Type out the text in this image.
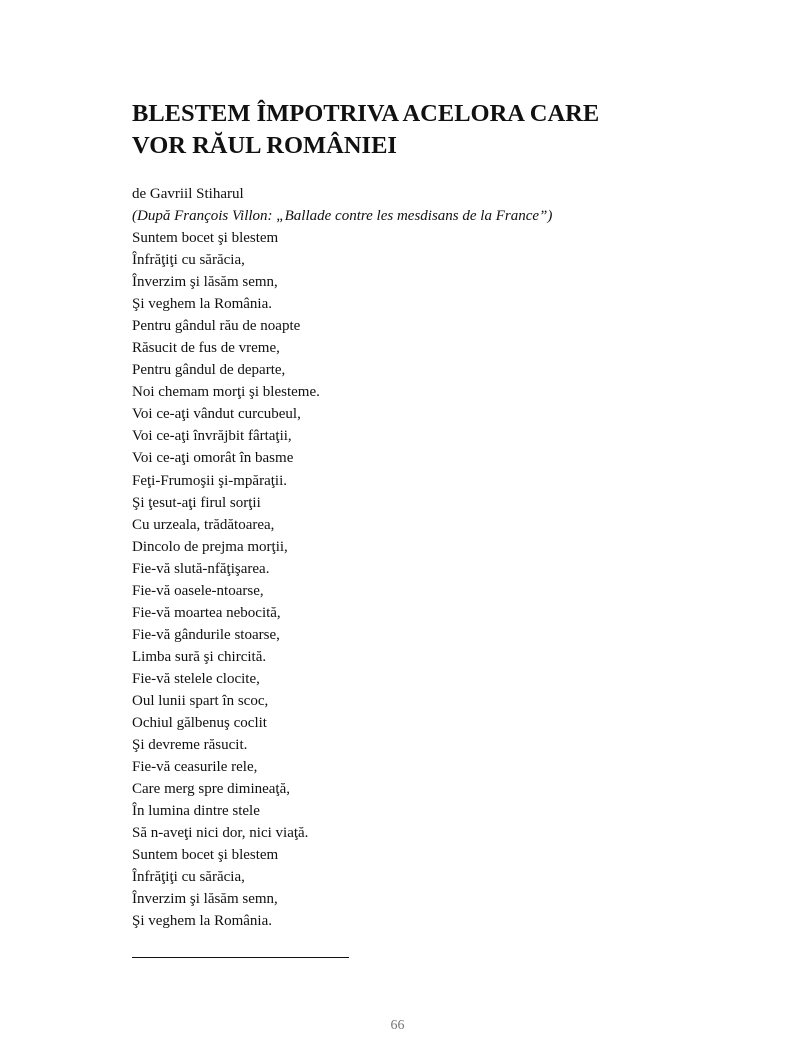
BLESTEM ÎMPOTRIVA ACELORA CARE
VOR RĂUL ROMÂNIEI

de Gavriil Stiharul

(După François Villon: „Ballade contre les mesdisans de la France”)

Suntem bocet şi blestem
Înfrăţiţi cu sărăcia,
Înverzim şi lăsăm semn,
Şi veghem la România.
Pentru gândul rău de noapte
Răsucit de fus de vreme,
Pentru gândul de departe,
Noi chemam morţi şi blesteme.
Voi ce-aţi vândut curcubeul,
Voi ce-aţi învrăjbit fârtaţii,
Voi ce-aţi omorât în basme
Feţi-Frumoşii şi-mpăraţii.
Şi ţesut-aţi firul sorţii
Cu urzeala, trădătoarea,
Dincolo de prejma morţii,
Fie-vă slută-nfăţişarea.
Fie-vă oasele-ntoarse,
Fie-vă moartea nebocită,
Fie-vă gândurile stoarse,
Limba sură şi chircită.
Fie-vă stelele clocite,
Oul lunii spart în scoc,
Ochiul gălbenuş coclit
Şi devreme răsucit.
Fie-vă ceasurile rele,
Care merg spre dimineaţă,
În lumina dintre stele
Să n-aveţi nici dor, nici viaţă.
Suntem bocet şi blestem
Înfrăţiţi cu sărăcia,
Înverzim şi lăsăm semn,
Şi veghem la România.
66
